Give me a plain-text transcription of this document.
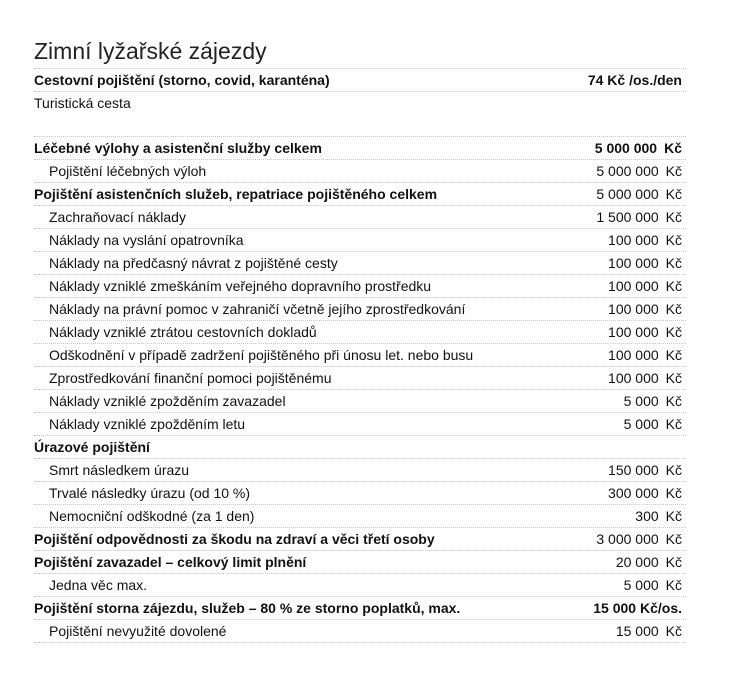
Zimní lyžařské zájezdy
Cestovní pojištění (storno, covid, karanténa)	74 Kč /os./den
Turistická cesta
Léčebné výlohy a asistenční služby celkem	5 000 000 Kč
Pojištění léčebných výloh	5 000 000 Kč
Pojištění asistenčních služeb, repatriace pojištěného celkem	5 000 000 Kč
Zachraňovací náklady	1 500 000 Kč
Náklady na vyslání opatrovníka	100 000 Kč
Náklady na předčasný návrat z pojištěné cesty	100 000 Kč
Náklady vzniklé zmeškáním veřejného dopravního prostředku	100 000 Kč
Náklady na právní pomoc v zahraničí včetně jejího zprostředkování	100 000 Kč
Náklady vzniklé ztrátou cestovních dokladů	100 000 Kč
Odškodnění v případě zadržení pojištěného při únosu let. nebo busu	100 000 Kč
Zprostředkování finanční pomoci pojištěnému	100 000 Kč
Náklady vzniklé zpožděním zavazadel	5 000 Kč
Náklady vzniklé zpožděním letu	5 000 Kč
Úrazové pojištění
Smrt následkem úrazu	150 000 Kč
Trvalé následky úrazu (od 10 %)	300 000 Kč
Nemocniční odškodné (za 1 den)	300 Kč
Pojištění odpovědnosti za škodu na zdraví a věci třetí osoby	3 000 000 Kč
Pojištění zavazadel – celkový limit plnění	20 000 Kč
Jedna věc max.	5 000 Kč
Pojištění storna zájezdu, služeb – 80 % ze storno poplatků, max.	15 000 Kč/os.
Pojištění nevyužité dovolené	15 000 Kč
